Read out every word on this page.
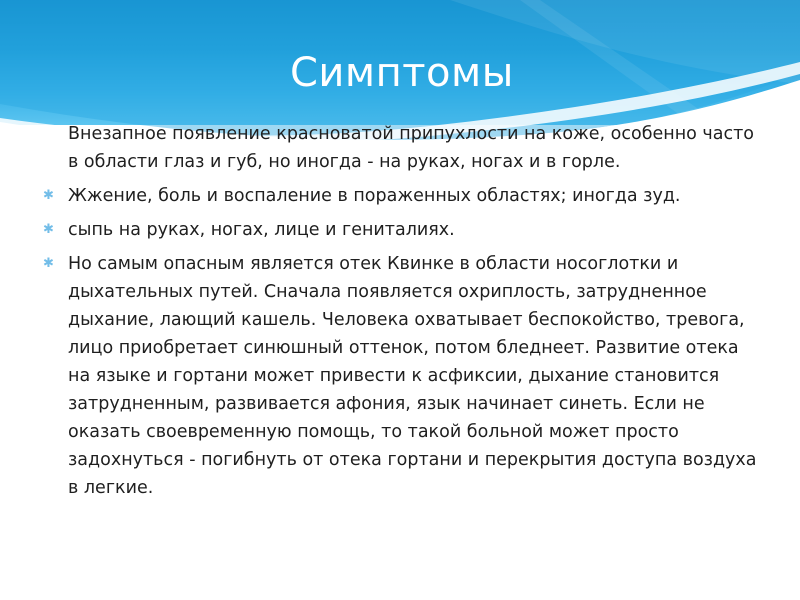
Симптомы
Внезапное появление красноватой припухлости на коже, особенно часто в области глаз и губ, но иногда - на руках, ногах и в горле.
✱ Жжение, боль и воспаление в пораженных областях; иногда зуд.
✱ сыпь на руках, ногах, лице и гениталиях.
✱ Но самым опасным является отек Квинке в области носоглотки и дыхательных путей. Сначала появляется охриплость, затрудненное дыхание, лающий кашель. Человека охватывает беспокойство, тревога, лицо приобретает синюшный оттенок, потом бледнеет. Развитие отека на языке и гортани может привести к асфиксии, дыхание становится затрудненным, развивается афония, язык начинает синеть. Если не оказать своевременную помощь, то такой больной может просто задохнуться - погибнуть от отека гортани и перекрытия доступа воздуха в легкие.
